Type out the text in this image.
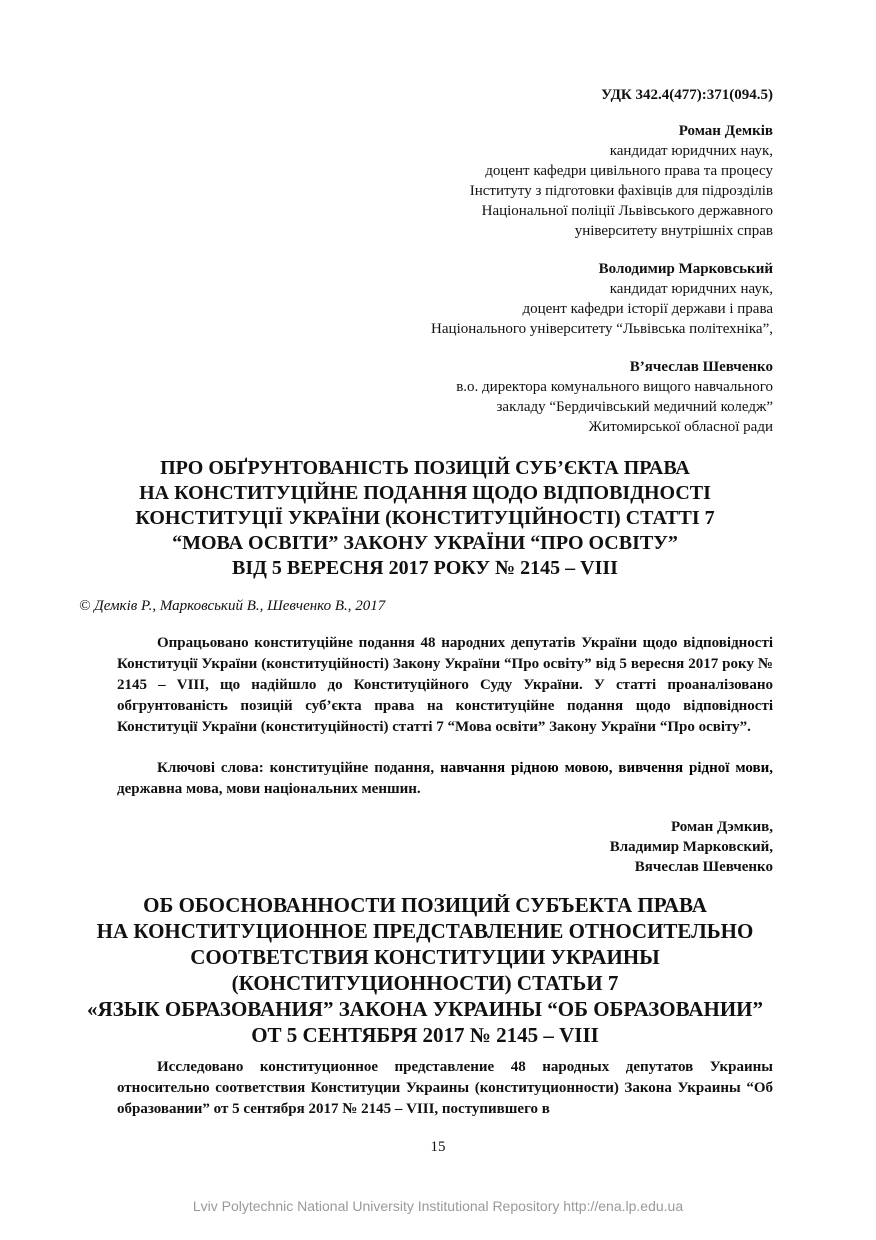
УДК 342.4(477):371(094.5)
Роман Демків
кандидат юридчних наук,
доцент кафедри цивільного права та процесу
Інституту з підготовки фахівців для підрозділів
Національної поліції Львівського державного
університету внутрішніх справ
Володимир Марковський
кандидат юридчних наук,
доцент кафедри історії держави і права
Національного університету “Львівська політехніка”,
В’ячеслав Шевченко
в.о. директора комунального вищого навчального
закладу “Бердичівський медичний коледж”
Житомирської обласної ради
ПРО ОБҐРУНТОВАНІСТЬ ПОЗИЦІЙ СУБ’ЄКТА ПРАВА
НА КОНСТИТУЦІЙНЕ ПОДАННЯ ЩОДО ВІДПОВІДНОСТІ
КОНСТИТУЦІЇ УКРАЇНИ (КОНСТИТУЦІЙНОСТІ) СТАТТІ 7
“МОВА ОСВІТИ” ЗАКОНУ УКРАЇНИ “ПРО ОСВІТУ”
ВІД 5 ВЕРЕСНЯ 2017 РОКУ № 2145 – VIII
© Демків Р., Марковський В., Шевченко В., 2017
Опрацьовано конституційне подання 48 народних депутатів України щодо відповідності Конституції України (конституційності) Закону України “Про освіту” від 5 вересня 2017 року № 2145 – VIII, що надійшло до Конституційного Суду України. У статті проаналізовано обгрунтованість позицій суб’єкта права на конституційне подання щодо відповідності Конституції України (конституційності) статті 7 “Мова освіти” Закону України “Про освіту”.
Ключові слова: конституційне подання, навчання рідною мовою, вивчення рідної мови, державна мова, мови національних меншин.
Роман Дэмкив,
Владимир Марковский,
Вячеслав Шевченко
ОБ ОБОСНОВАННОСТИ ПОЗИЦИЙ СУБЪЕКТА ПРАВА
НА КОНСТИТУЦИОННОЕ ПРЕДСТАВЛЕНИЕ ОТНОСИТЕЛЬНО
СООТВЕТСТВИЯ КОНСТИТУЦИИ УКРАИНЫ
(КОНСТИТУЦИОННОСТИ) СТАТЬИ 7
«ЯЗЫК ОБРАЗОВАНИЯ” ЗАКОНА УКРАИНЫ “ОБ ОБРАЗОВАНИИ”
ОТ 5 СЕНТЯБРЯ 2017 № 2145 – VIII
Исследовано конституционное представление 48 народных депутатов Украины относительно соответствия Конституции Украины (конституционности) Закона Украины “Об образовании” от 5 сентября 2017 № 2145 – VIII, поступившего в
15
Lviv Polytechnic National University Institutional Repository http://ena.lp.edu.ua
